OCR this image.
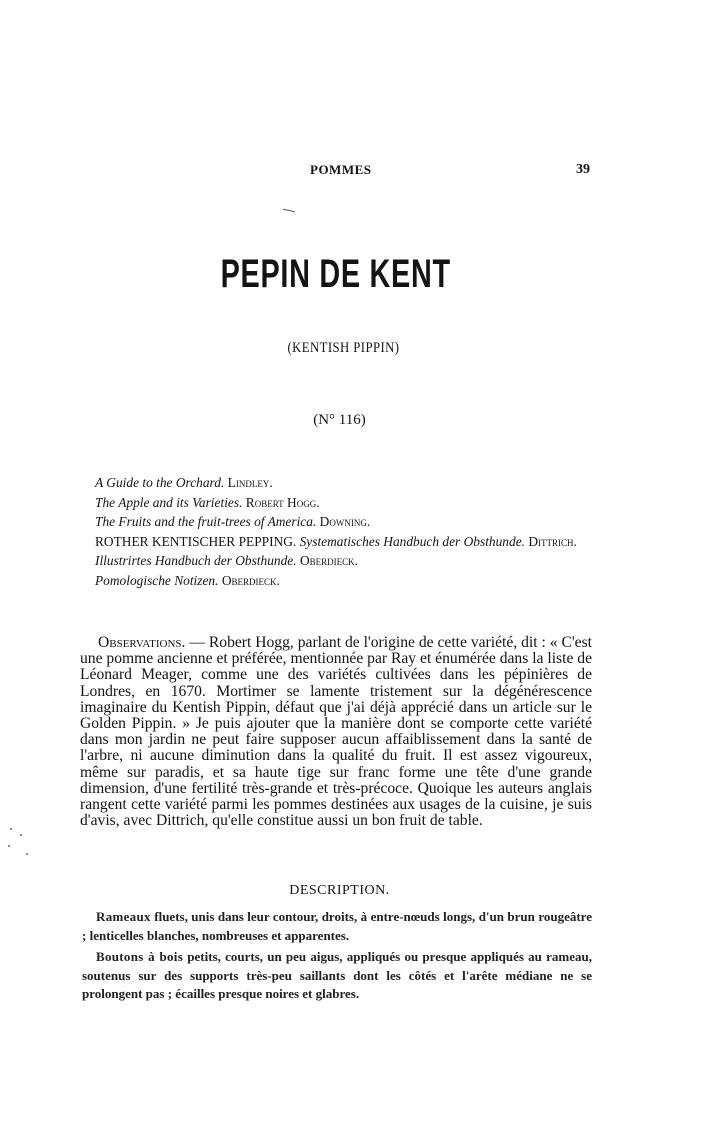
POMMES	39
PEPIN DE KENT
(KENTISH PIPPIN)
(N° 116)
A Guide to the Orchard. Lindley.
The Apple and its Varieties. Robert Hogg.
The Fruits and the fruit-trees of America. Downing.
ROTHER KENTISCHER PEPPING. Systematisches Handbuch der Obsthunde. Dittrich.
Illustrirtes Handbuch der Obsthunde. Oberdieck.
Pomologische Notizen. Oberdieck.
Observations. — Robert Hogg, parlant de l'origine de cette variété, dit : « C'est une pomme ancienne et préférée, mentionnée par Ray et énumérée dans la liste de Léonard Meager, comme une des variétés cultivées dans les pépinières de Londres, en 1670. Mortimer se lamente tristement sur la dégénérescence imaginaire du Kentish Pippin, défaut que j'ai déjà apprécié dans un article sur le Golden Pippin. » Je puis ajouter que la manière dont se comporte cette variété dans mon jardin ne peut faire supposer aucun affaiblissement dans la santé de l'arbre, ni aucune diminution dans la qualité du fruit. Il est assez vigoureux, même sur paradis, et sa haute tige sur franc forme une tête d'une grande dimension, d'une fertilité très-grande et très-précoce. Quoique les auteurs anglais rangent cette variété parmi les pommes destinées aux usages de la cuisine, je suis d'avis, avec Dittrich, qu'elle constitue aussi un bon fruit de table.
DESCRIPTION.

Rameaux fluets, unis dans leur contour, droits, à entre-nœuds longs, d'un brun rougeâtre ; lenticelles blanches, nombreuses et apparentes.

Boutons à bois petits, courts, un peu aigus, appliqués ou presque appliqués au rameau, soutenus sur des supports très-peu saillants dont les côtés et l'arête médiane ne se prolongent pas ; écailles presque noires et glabres.
